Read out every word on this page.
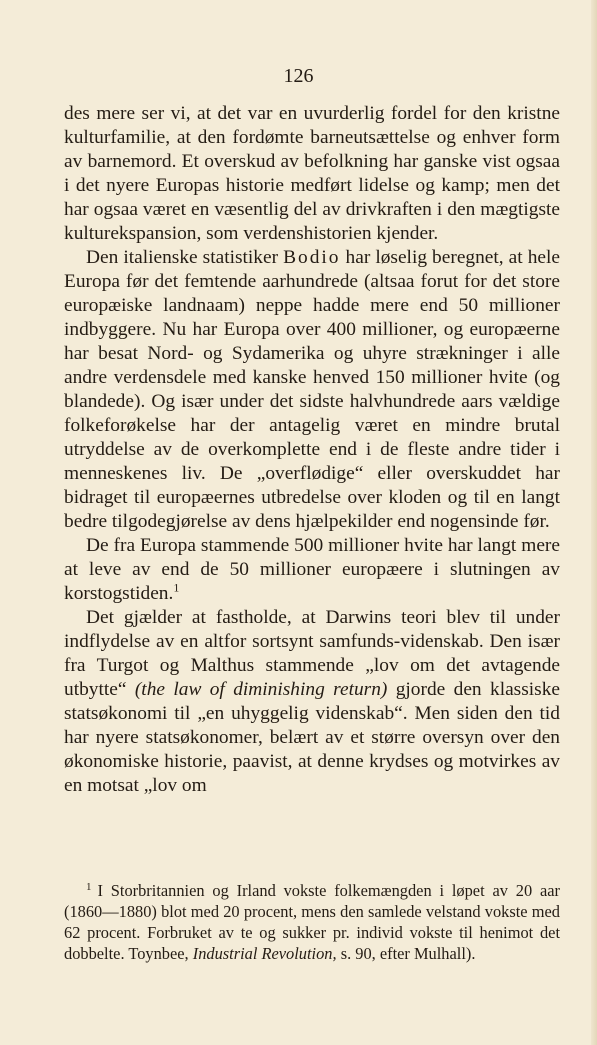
126

des mere ser vi, at det var en uvurderlig fordel for den kristne kulturfamilie, at den fordømte barneutsættelse og enhver form av barnemord. Et overskud av befolkning har ganske vist ogsaa i det nyere Europas historie medført lidelse og kamp; men det har ogsaa været en væsentlig del av drivkraften i den mægtigste kulturekspansion, som verdenshistorien kjender.

Den italienske statistiker Bodio har løselig beregnet, at hele Europa før det femtende aarhundrede (altsaa forut for det store europæiske landnaam) neppe hadde mere end 50 millioner indbyggere. Nu har Europa over 400 millioner, og europæerne har besat Nord- og Sydamerika og uhyre strækninger i alle andre verdensdele med kanske henved 150 millioner hvite (og blandede). Og især under det sidste halvhundrede aars vældige folkeforøkelse har der antagelig været en mindre brutal utryddelse av de overkomplette end i de fleste andre tider i menneskenes liv. De „overflødige“ eller overskuddet har bidraget til europæernes utbredelse over kloden og til en langt bedre tilgodegjørelse av dens hjælpekilder end nogensinde før.

De fra Europa stammende 500 millioner hvite har langt mere at leve av end de 50 millioner europæere i slutningen av korstogstiden.$^1$

Det gjælder at fastholde, at Darwins teori blev til under indflydelse av en altfor sortsynt samfunds-videnskab. Den især fra Turgot og Malthus stammende „lov om det avtagende utbytte“ (the law of diminishing return) gjorde den klassiske statsøkonomi til „en uhyggelig videnskab“. Men siden den tid har nyere statsøkonomer, belært av et større oversyn over den økonomiske historie, paavist, at denne krydses og motvirkes av en motsat „lov om

$^1$ I Storbritannien og Irland vokste folkemængden i løpet av 20 aar (1860—1880) blot med 20 procent, mens den samlede velstand vokste med 62 procent. Forbruket av te og sukker pr. individ vokste til henimot det dobbelte. Toynbee, Industrial Revolution, s. 90, efter Mulhall).
